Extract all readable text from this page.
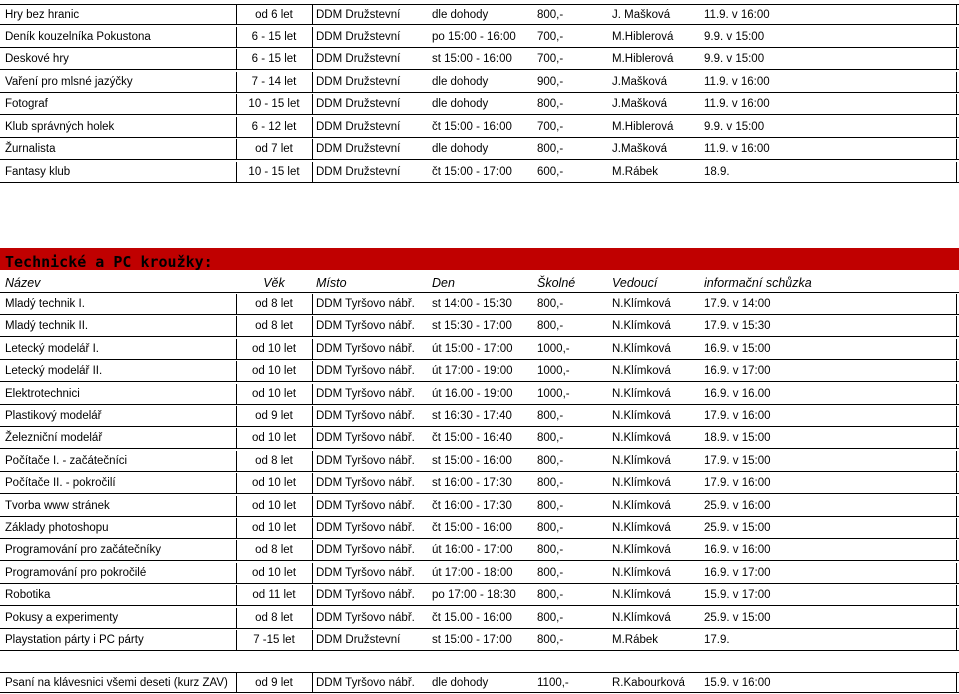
Hry bez hranic	od 6 let	DDM Družstevní	dle dohody	800,-	J. Mašková	11.9. v 16:00
Deník kouzelníka Pokustona	6 - 15 let	DDM Družstevní	po 15:00 - 16:00	700,-	M.Hiblerová	9.9. v 15:00
Deskové hry	6 - 15 let	DDM Družstevní	st 15:00 - 16:00	700,-	M.Hiblerová	9.9. v 15:00
Vaření pro mlsné jazýčky	7 - 14 let	DDM Družstevní	dle dohody	900,-	J.Mašková	11.9. v 16:00
Fotograf	10 - 15 let	DDM Družstevní	dle dohody	800,-	J.Mašková	11.9. v 16:00
Klub správných holek	6 - 12 let	DDM Družstevní	čt 15:00 - 16:00	700,-	M.Hiblerová	9.9. v 15:00
Žurnalista	od 7 let	DDM Družstevní	dle dohody	800,-	J.Mašková	11.9. v 16:00
Fantasy klub	10 - 15 let	DDM Družstevní	čt 15:00 - 17:00	600,-	M.Rábek	18.9.
Technické a PC kroužky:
Název	Věk	Místo	Den	Školné	Vedoucí	informační schůzka
Mladý technik I.	od 8 let	DDM Tyršovo nábř.	st 14:00 - 15:30	800,-	N.Klímková	17.9. v 14:00
Mladý technik II.	od 8 let	DDM Tyršovo nábř.	st 15:30 - 17:00	800,-	N.Klímková	17.9. v 15:30
Letecký modelář I.	od 10 let	DDM Tyršovo nábř.	út 15:00 - 17:00	1000,-	N.Klímková	16.9. v 15:00
Letecký modelář II.	od 10 let	DDM Tyršovo nábř.	út 17:00 - 19:00	1000,-	N.Klímková	16.9. v 17:00
Elektrotechnici	od 10 let	DDM Tyršovo nábř.	út 16.00 - 19:00	1000,-	N.Klímková	16.9. v 16.00
Plastikový modelář	od 9 let	DDM Tyršovo nábř.	st 16:30 - 17:40	800,-	N.Klímková	17.9. v 16:00
Železniční modelář	od 10 let	DDM Tyršovo nábř.	čt 15:00 - 16:40	800,-	N.Klímková	18.9. v 15:00
Počítače I. - začátečníci	od 8 let	DDM Tyršovo nábř.	st 15:00 - 16:00	800,-	N.Klímková	17.9. v 15:00
Počítače II. - pokročilí	od 10 let	DDM Tyršovo nábř.	st 16:00 - 17:30	800,-	N.Klímková	17.9. v 16:00
Tvorba www stránek	od 10 let	DDM Tyršovo nábř.	čt 16:00 - 17:30	800,-	N.Klímková	25.9. v 16:00
Základy photoshopu	od 10 let	DDM Tyršovo nábř.	čt 15:00 - 16:00	800,-	N.Klímková	25.9. v 15:00
Programování pro začátečníky	od 8 let	DDM Tyršovo nábř.	út 16:00 - 17:00	800,-	N.Klímková	16.9. v 16:00
Programování pro pokročilé	od 10 let	DDM Tyršovo nábř.	út 17:00 - 18:00	800,-	N.Klímková	16.9. v 17:00
Robotika	od 11 let	DDM Tyršovo nábř.	po 17:00 - 18:30	800,-	N.Klímková	15.9. v 17:00
Pokusy a experimenty	od 8 let	DDM Tyršovo nábř.	čt 15.00 - 16:00	800,-	N.Klímková	25.9. v 15:00
Playstation párty i PC párty	7 -15 let	DDM Družstevní	st 15:00 - 17:00	800,-	M.Rábek	17.9.
Psaní na klávesnici všemi deseti (kurz ZAV)	od 9 let	DDM Tyršovo nábř.	dle dohody	1100,-	R.Kabourková	15.9. v 16:00
